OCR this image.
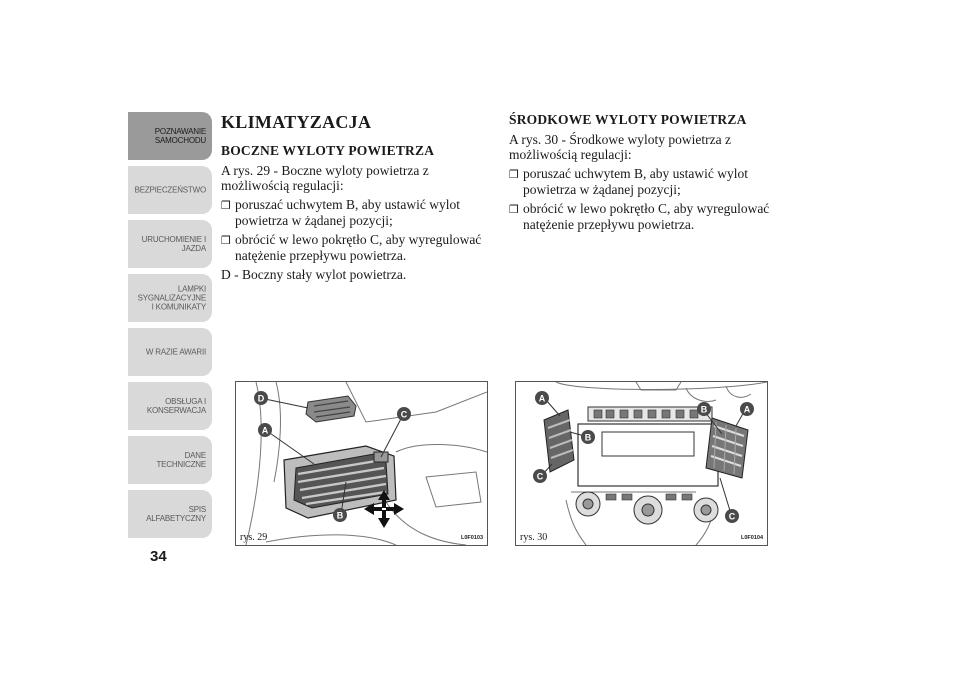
POZNAWANIE
SAMOCHODU
BEZPIECZEŃSTWO
URUCHOMIENIE I
JAZDA
LAMPKI
SYGNALIZACYJNE
I KOMUNIKATY
W RAZIE AWARII
OBSŁUGA I
KONSERWACJA
DANE
TECHNICZNE
SPIS
ALFABETYCZNY
34
KLIMATYZACJA
BOCZNE WYLOTY POWIETRZA

A rys. 29 - Boczne wyloty powietrza z możliwością regulacji:

❒ poruszać uchwytem B, aby ustawić wylot powietrza w żądanej pozycji;
❒ obrócić w lewo pokrętło C, aby wyregulować natężenie przepływu powietrza.

D - Boczny stały wylot powietrza.

ŚRODKOWE WYLOTY POWIETRZA

A rys. 30 - Środkowe wyloty powietrza z możliwością regulacji:

❒ poruszać uchwytem B, aby ustawić wylot powietrza w żądanej pozycji;
❒ obrócić w lewo pokrętło C, aby wyregulować natężenie przepływu powietrza.
D
A
C
B
rys. 29	L0F0103
A
B
C
B	A
C
rys. 30	L0F0104
